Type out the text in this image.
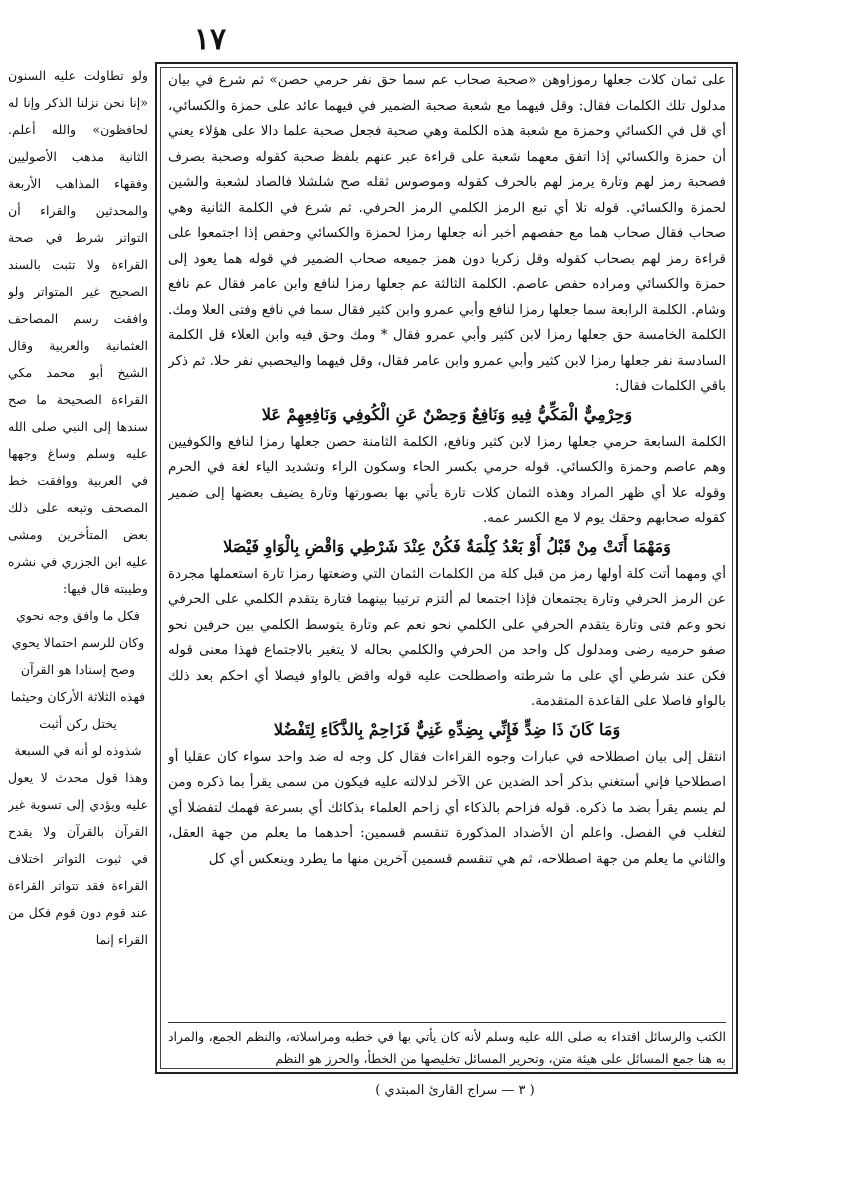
١٧

ولو تطاولت عليه السنون «إنا نحن نزلنا الذكر وإنا له لحافظون» والله أعلم. الثانية مذهب الأصوليين وفقهاء المذاهب الأربعة والمحدثين والقراء أن التواتر شرط في صحة القراءة ولا تثبت بالسند الصحيح غير المتواتر ولو وافقت رسم المصاحف العثمانية والعربية وقال الشيخ أبو محمد مكي القراءة الصحيحة ما صح سندها إلى النبي صلى الله عليه وسلم وساغ وجهها في العربية ووافقت خط المصحف وتبعه على ذلك بعض المتأخرين ومشى عليه ابن الجزري في نشره وطيبته قال فيها:

فكل ما وافق وجه نحوي وكان للرسم احتمالا يحوي

وصح إسنادا هو القرآن

فهذه الثلاثة الأركان وحيثما يختل ركن أثبت

شذوذه لو أنه في السبعة

وهذا قول محدث لا يعول عليه ويؤدي إلى تسوية غير القرآن بالقرآن ولا يقدح في ثبوت التواتر اختلاف القراءة فقد تتواتر القراءة عند قوم دون قوم فكل من القراء إنما

على ثمان كلات جعلها رموزاوهن «صحبة صحاب عم سما حق نفر حرمي حصن» ثم شرع في بيان مدلول تلك الكلمات فقال: وقل فيهما مع شعبة صحبة الضمير في فيهما عائد على حمزة والكسائي، أي قل في الكسائي وحمزة مع شعبة هذه الكلمة وهي صحبة فجعل صحبة علما دالا على هؤلاء يعني أن حمزة والكسائي إذا اتفق معهما شعبة على قراءة عبر عنهم بلفظ صحبة كقوله وصحبة بصرف فصحبة رمز لهم وتارة يرمز لهم بالحرف كقوله وموصوس ثقله صح شلشلا فالصاد لشعبة والشين لحمزة والكسائي. قوله تلا أي تبع الرمز الكلمي الرمز الحرفي. ثم شرع في الكلمة الثانية وهي صحاب فقال صحاب هما مع حفصهم أخبر أنه جعلها رمزا لحمزة والكسائي وحفص إذا اجتمعوا على قراءة رمز لهم بصحاب كقوله وقل زكريا دون همز جميعه صحاب الضمير في قوله هما يعود إلى حمزة والكسائي ومراده حفص عاصم. الكلمة الثالثة عم جعلها رمزا لنافع وابن عامر فقال عم نافع وشام. الكلمة الرابعة سما جعلها رمزا لنافع وأبي عمرو وابن كثير فقال سما في نافع وفتى العلا ومك. الكلمة الخامسة حق جعلها رمزا لابن كثير وأبي عمرو فقال * ومك وحق فيه وابن العلاء قل الكلمة السادسة نفر جعلها رمزا لابن كثير وأبي عمرو وابن عامر فقال، وقل فيهما واليحصبي نفر حلا. ثم ذكر باقي الكلمات فقال:

وَحِرْمِيٌّ الْمَكِّيُّ فِيهِ وَنَافِعٌ وَحِصْنٌ عَنِ الْكُوفِي وَنَافِعِهِمْ عَلا

الكلمة السابعة حرمي جعلها رمزا لابن كثير ونافع، الكلمة الثامنة حصن جعلها رمزا لنافع والكوفيين وهم عاصم وحمزة والكسائي. قوله حرمي بكسر الحاء وسكون الراء وتشديد الياء لغة في الحرم وقوله علا أي ظهر المراد وهذه الثمان كلات تارة يأتي بها بصورتها وتارة يضيف بعضها إلى ضمير كقوله صحابهم وحقك يوم لا مع الكسر عمه.

وَمَهْمَا أَتَتْ مِنْ قَبْلُ أَوْ بَعْدُ كِلْمَةٌ فَكُنْ عِنْدَ شَرْطِي وَاقْضِ بِالْوَاوِ فَيْصَلا

أي ومهما أتت كلة أولها رمز من قبل كلة من الكلمات الثمان التي وضعتها رمزا تارة استعملها مجردة عن الرمز الحرفي وتارة يجتمعان فإذا اجتمعا لم ألتزم ترتيبا بينهما فتارة يتقدم الكلمي على الحرفي نحو وعم فتى وتارة يتقدم الحرفي على الكلمي نحو نعم عم وتارة يتوسط الكلمي بين حرفين نحو صفو حرميه رضى ومدلول كل واحد من الحرفي والكلمي بحاله لا يتغير بالاجتماع فهذا معنى قوله فكن عند شرطي أي على ما شرطته واصطلحت عليه قوله واقض بالواو فيصلا أي احكم بعد ذلك بالواو فاصلا على القاعدة المتقدمة.

وَمَا كَانَ ذَا ضِدٍّ فَإِنِّي بِضِدِّهِ غَنِيٌّ فَزَاحِمْ بِالذَّكَاءِ لِتَفْضُلا

انتقل إلى بيان اصطلاحه في عبارات وجوه القراءات فقال كل وجه له ضد واحد سواء كان عقليا أو اصطلاحيا فإني أستغني بذكر أحد الضدين عن الآخر لدلالته عليه فيكون من سمى يقرأ بما ذكره ومن لم يسم يقرأ بضد ما ذكره. قوله فزاحم بالذكاء أي زاحم العلماء بذكائك أي بسرعة فهمك لتفضلا أي لتغلب في الفصل. واعلم أن الأضداد المذكورة تنقسم قسمين: أحدهما ما يعلم من جهة العقل، والثاني ما يعلم من جهة اصطلاحه، ثم هي تنقسم قسمين آخرين منها ما يطرد وينعكس أي كل

الكتب والرسائل اقتداء به صلى الله عليه وسلم لأنه كان يأتي بها في خطبه ومراسلاته، والنظم الجمع، والمراد به هنا جمع المسائل على هيئة متن، وتحرير المسائل تخليصها من الخطأ، والحرز هو النظم
( ٣ — سراج القارئ المبتدي )
